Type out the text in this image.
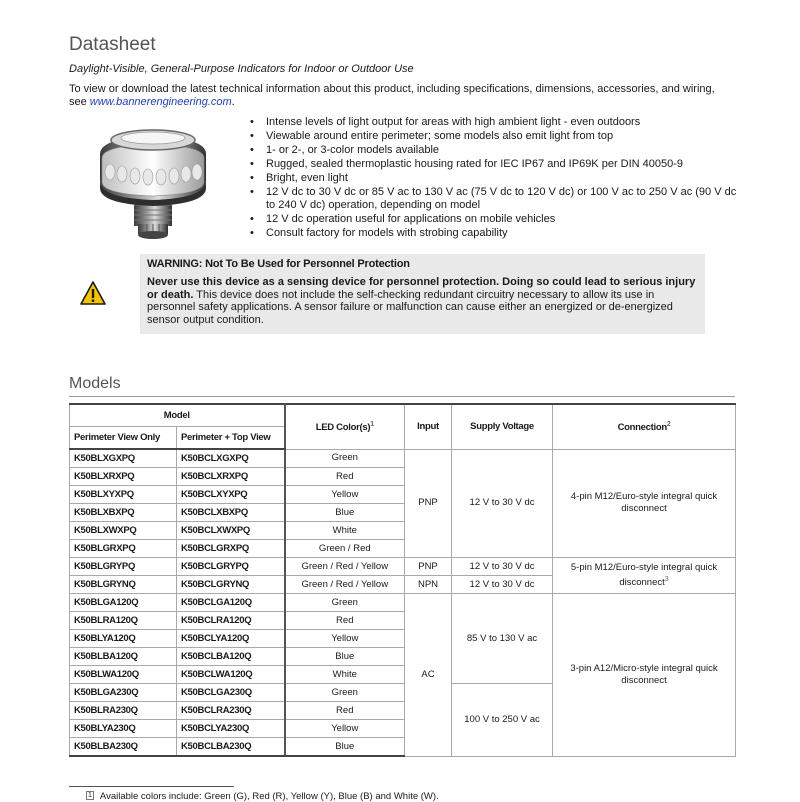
Datasheet
Daylight-Visible, General-Purpose Indicators for Indoor or Outdoor Use
To view or download the latest technical information about this product, including specifications, dimensions, accessories, and wiring, see www.bannerengineering.com.
• Intense levels of light output for areas with high ambient light - even outdoors
• Viewable around entire perimeter; some models also emit light from top
• 1- or 2-, or 3-color models available
• Rugged, sealed thermoplastic housing rated for IEC IP67 and IP69K per DIN 40050-9
• Bright, even light
• 12 V dc to 30 V dc or 85 V ac to 130 V ac (75 V dc to 120 V dc) or 100 V ac to 250 V ac (90 V dc to 240 V dc) operation, depending on model
• 12 V dc operation useful for applications on mobile vehicles
• Consult factory for models with strobing capability
WARNING: Not To Be Used for Personnel Protection
Never use this device as a sensing device for personnel protection. Doing so could lead to serious injury or death. This device does not include the self-checking redundant circuitry necessary to allow its use in personnel safety applications. A sensor failure or malfunction can cause either an energized or de-energized sensor output condition.
Models
Model		LED $Color(s)^1$	Input	Supply Voltage	Connection$^2$
Perimeter View Only	Perimeter + Top View				
K50BLXGXPQ	K50BCLXGXPQ	Green	PNP	12 V to 30 V dc	4-pin M12/Euro-style integral quick disconnect
K50BLXRXPQ	K50BCLXRXPQ	Red			
K50BLXYXPQ	K50BCLXYXPQ	Yellow			
K50BLXBXPQ	K50BCLXBXPQ	Blue			
K50BLXWXPQ	K50BCLXWXPQ	White			
K50BLGRXPQ	K50BCLGRXPQ	Green / Red			
K50BLGRYPQ	K50BCLGRYPQ	Green / Red / Yellow	PNP	12 V to 30 V dc	5-pin M12/Euro-style integral quick disconnect$^3$
K50BLGRYNQ	K50BCLGRYNQ	Green / Red / Yellow	NPN	12 V to 30 V dc	
K50BLGA120Q	K50BCLGA120Q	Green	AC	85 V to 130 V ac	3-pin A12/Micro-style integral quick disconnect
K50BLRA120Q	K50BCLRA120Q	Red			
K50BLYA120Q	K50BCLYA120Q	Yellow			
K50BLBA120Q	K50BCLBA120Q	Blue			
K50BLWA120Q	K50BCLWA120Q	White			
K50BLGA230Q	K50BCLGA230Q	Green		100 V to 250 V ac	
K50BLRA230Q	K50BCLRA230Q	Red			
K50BLYA230Q	K50BCLYA230Q	Yellow			
K50BLBA230Q	K50BCLBA230Q	Blue			
1 Available colors include: Green (G), Red (R), Yellow (Y), Blue (B) and White (W).
